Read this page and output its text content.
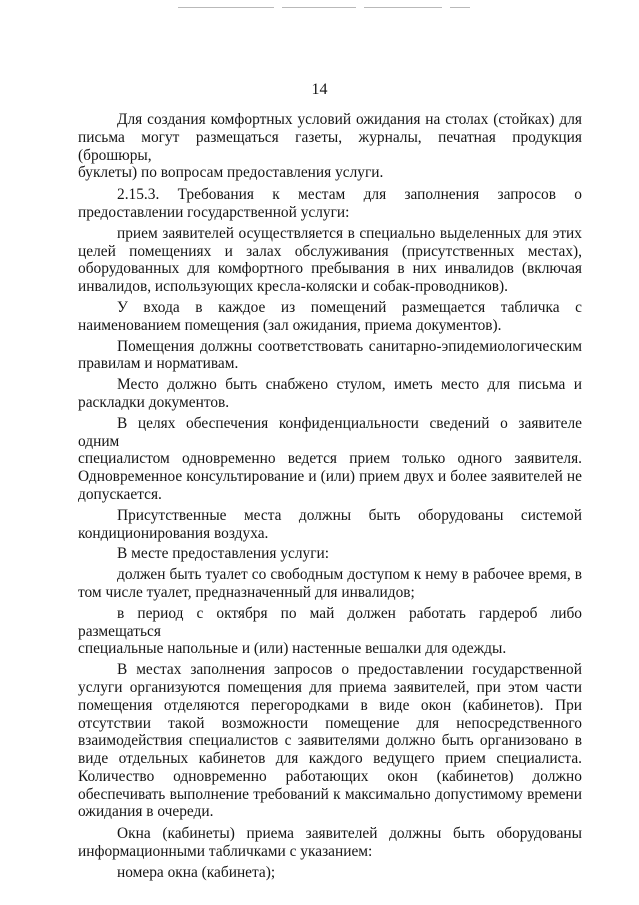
14

Для создания комфортных условий ожидания на столах (стойках) для
письма могут размещаться газеты, журналы, печатная продукция (брошюры,
буклеты) по вопросам предоставления услуги.

2.15.3. Требования к местам для заполнения запросов о
предоставлении государственной услуги:

прием заявителей осуществляется в специально выделенных для этих
целей помещениях и залах обслуживания (присутственных местах),
оборудованных для комфортного пребывания в них инвалидов (включая
инвалидов, использующих кресла-коляски и собак-проводников).

У входа в каждое из помещений размещается табличка с
наименованием помещения (зал ожидания, приема документов).

Помещения должны соответствовать санитарно-эпидемиологическим
правилам и нормативам.

Место должно быть снабжено стулом, иметь место для письма и
раскладки документов.

В целях обеспечения конфиденциальности сведений о заявителе одним
специалистом одновременно ведется прием только одного заявителя.
Одновременное консультирование и (или) прием двух и более заявителей не
допускается.

Присутственные места должны быть оборудованы системой
кондиционирования воздуха.

В месте предоставления услуги:

должен быть туалет со свободным доступом к нему в рабочее время, в
том числе туалет, предназначенный для инвалидов;

в период с октября по май должен работать гардероб либо размещаться
специальные напольные и (или) настенные вешалки для одежды.

В местах заполнения запросов о предоставлении государственной
услуги организуются помещения для приема заявителей, при этом части
помещения отделяются перегородками в виде окон (кабинетов). При
отсутствии такой возможности помещение для непосредственного
взаимодействия специалистов с заявителями должно быть организовано в
виде отдельных кабинетов для каждого ведущего прием специалиста.
Количество одновременно работающих окон (кабинетов) должно
обеспечивать выполнение требований к максимально допустимому времени
ожидания в очереди.

Окна (кабинеты) приема заявителей должны быть оборудованы
информационными табличками с указанием:

номера окна (кабинета);
